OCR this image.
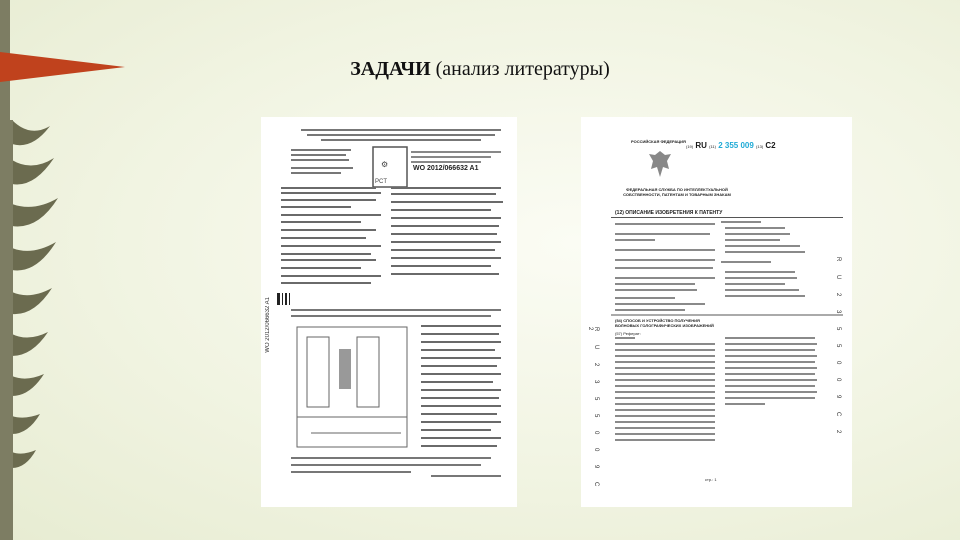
ЗАДАЧИ (анализ литературы)
⚙
PCT
WO 2012/066632 A1
WO 2012/066632 A1
РОССИЙСКАЯ ФЕДЕРАЦИЯ
(19) RU (11) 2 355 009 (13) C2
ФЕДЕРАЛЬНАЯ СЛУЖБА ПО ИНТЕЛЛЕКТУАЛЬНОЙ СОБСТВЕННОСТИ, ПАТЕНТАМ И ТОВАРНЫМ ЗНАКАМ
(12) ОПИСАНИЕ ИЗОБРЕТЕНИЯ К ПАТЕНТУ
(54) СПОСОБ И УСТРОЙСТВО ПОЛУЧЕНИЯ ВОЛНОВЫХ ГОЛОГРАФИЧЕСКИХ ИЗОБРАЖЕНИЙ
(57) Реферат:
стр.: 1
R U 2 3 5 5 0 0 9 C 2	R U 2 3 5 5 0 0 9 C 2
